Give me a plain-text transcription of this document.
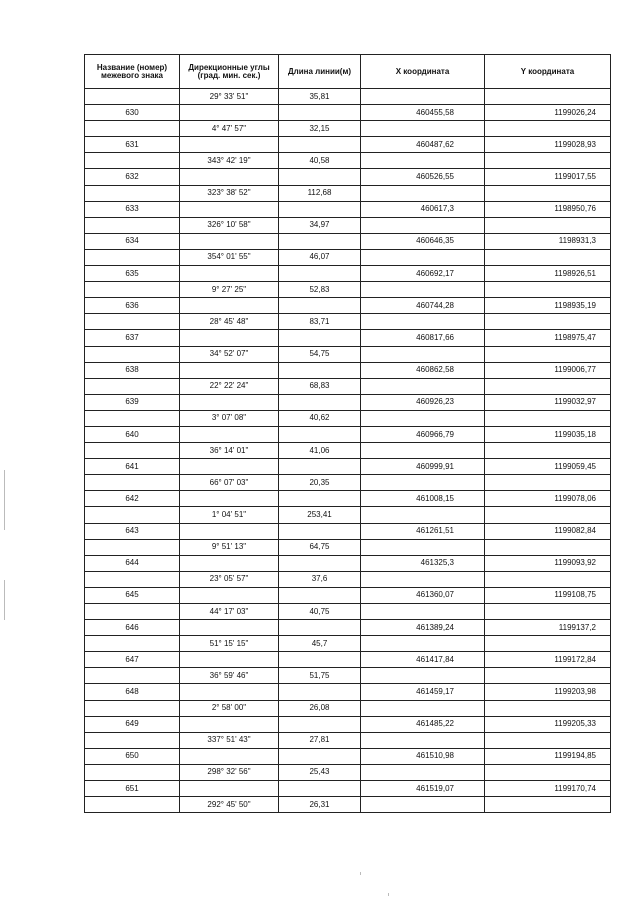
Название (номер) межевого знака	Дирекционные углы (град. мин. сек.)	Длина линии(м)	X координата	Y координата
	29° 33' 51"	35,81		
630			460455,58	1199026,24
	4° 47' 57"	32,15		
631			460487,62	1199028,93
	343° 42' 19"	40,58		
632			460526,55	1199017,55
	323° 38' 52"	112,68		
633			460617,3	1198950,76
	326° 10' 58"	34,97		
634			460646,35	1198931,3
	354° 01' 55"	46,07		
635			460692,17	1198926,51
	9° 27' 25"	52,83		
636			460744,28	1198935,19
	28° 45' 48"	83,71		
637			460817,66	1198975,47
	34° 52' 07"	54,75		
638			460862,58	1199006,77
	22° 22' 24"	68,83		
639			460926,23	1199032,97
	3° 07' 08"	40,62		
640			460966,79	1199035,18
	36° 14' 01"	41,06		
641			460999,91	1199059,45
	66° 07' 03"	20,35		
642			461008,15	1199078,06
	1° 04' 51"	253,41		
643			461261,51	1199082,84
	9° 51' 13"	64,75		
644			461325,3	1199093,92
	23° 05' 57"	37,6		
645			461360,07	1199108,75
	44° 17' 03"	40,75		
646			461389,24	1199137,2
	51° 15' 15"	45,7		
647			461417,84	1199172,84
	36° 59' 46"	51,75		
648			461459,17	1199203,98
	2° 58' 00"	26,08		
649			461485,22	1199205,33
	337° 51' 43"	27,81		
650			461510,98	1199194,85
	298° 32' 56"	25,43		
651			461519,07	1199170,74
	292° 45' 50"	26,31		
